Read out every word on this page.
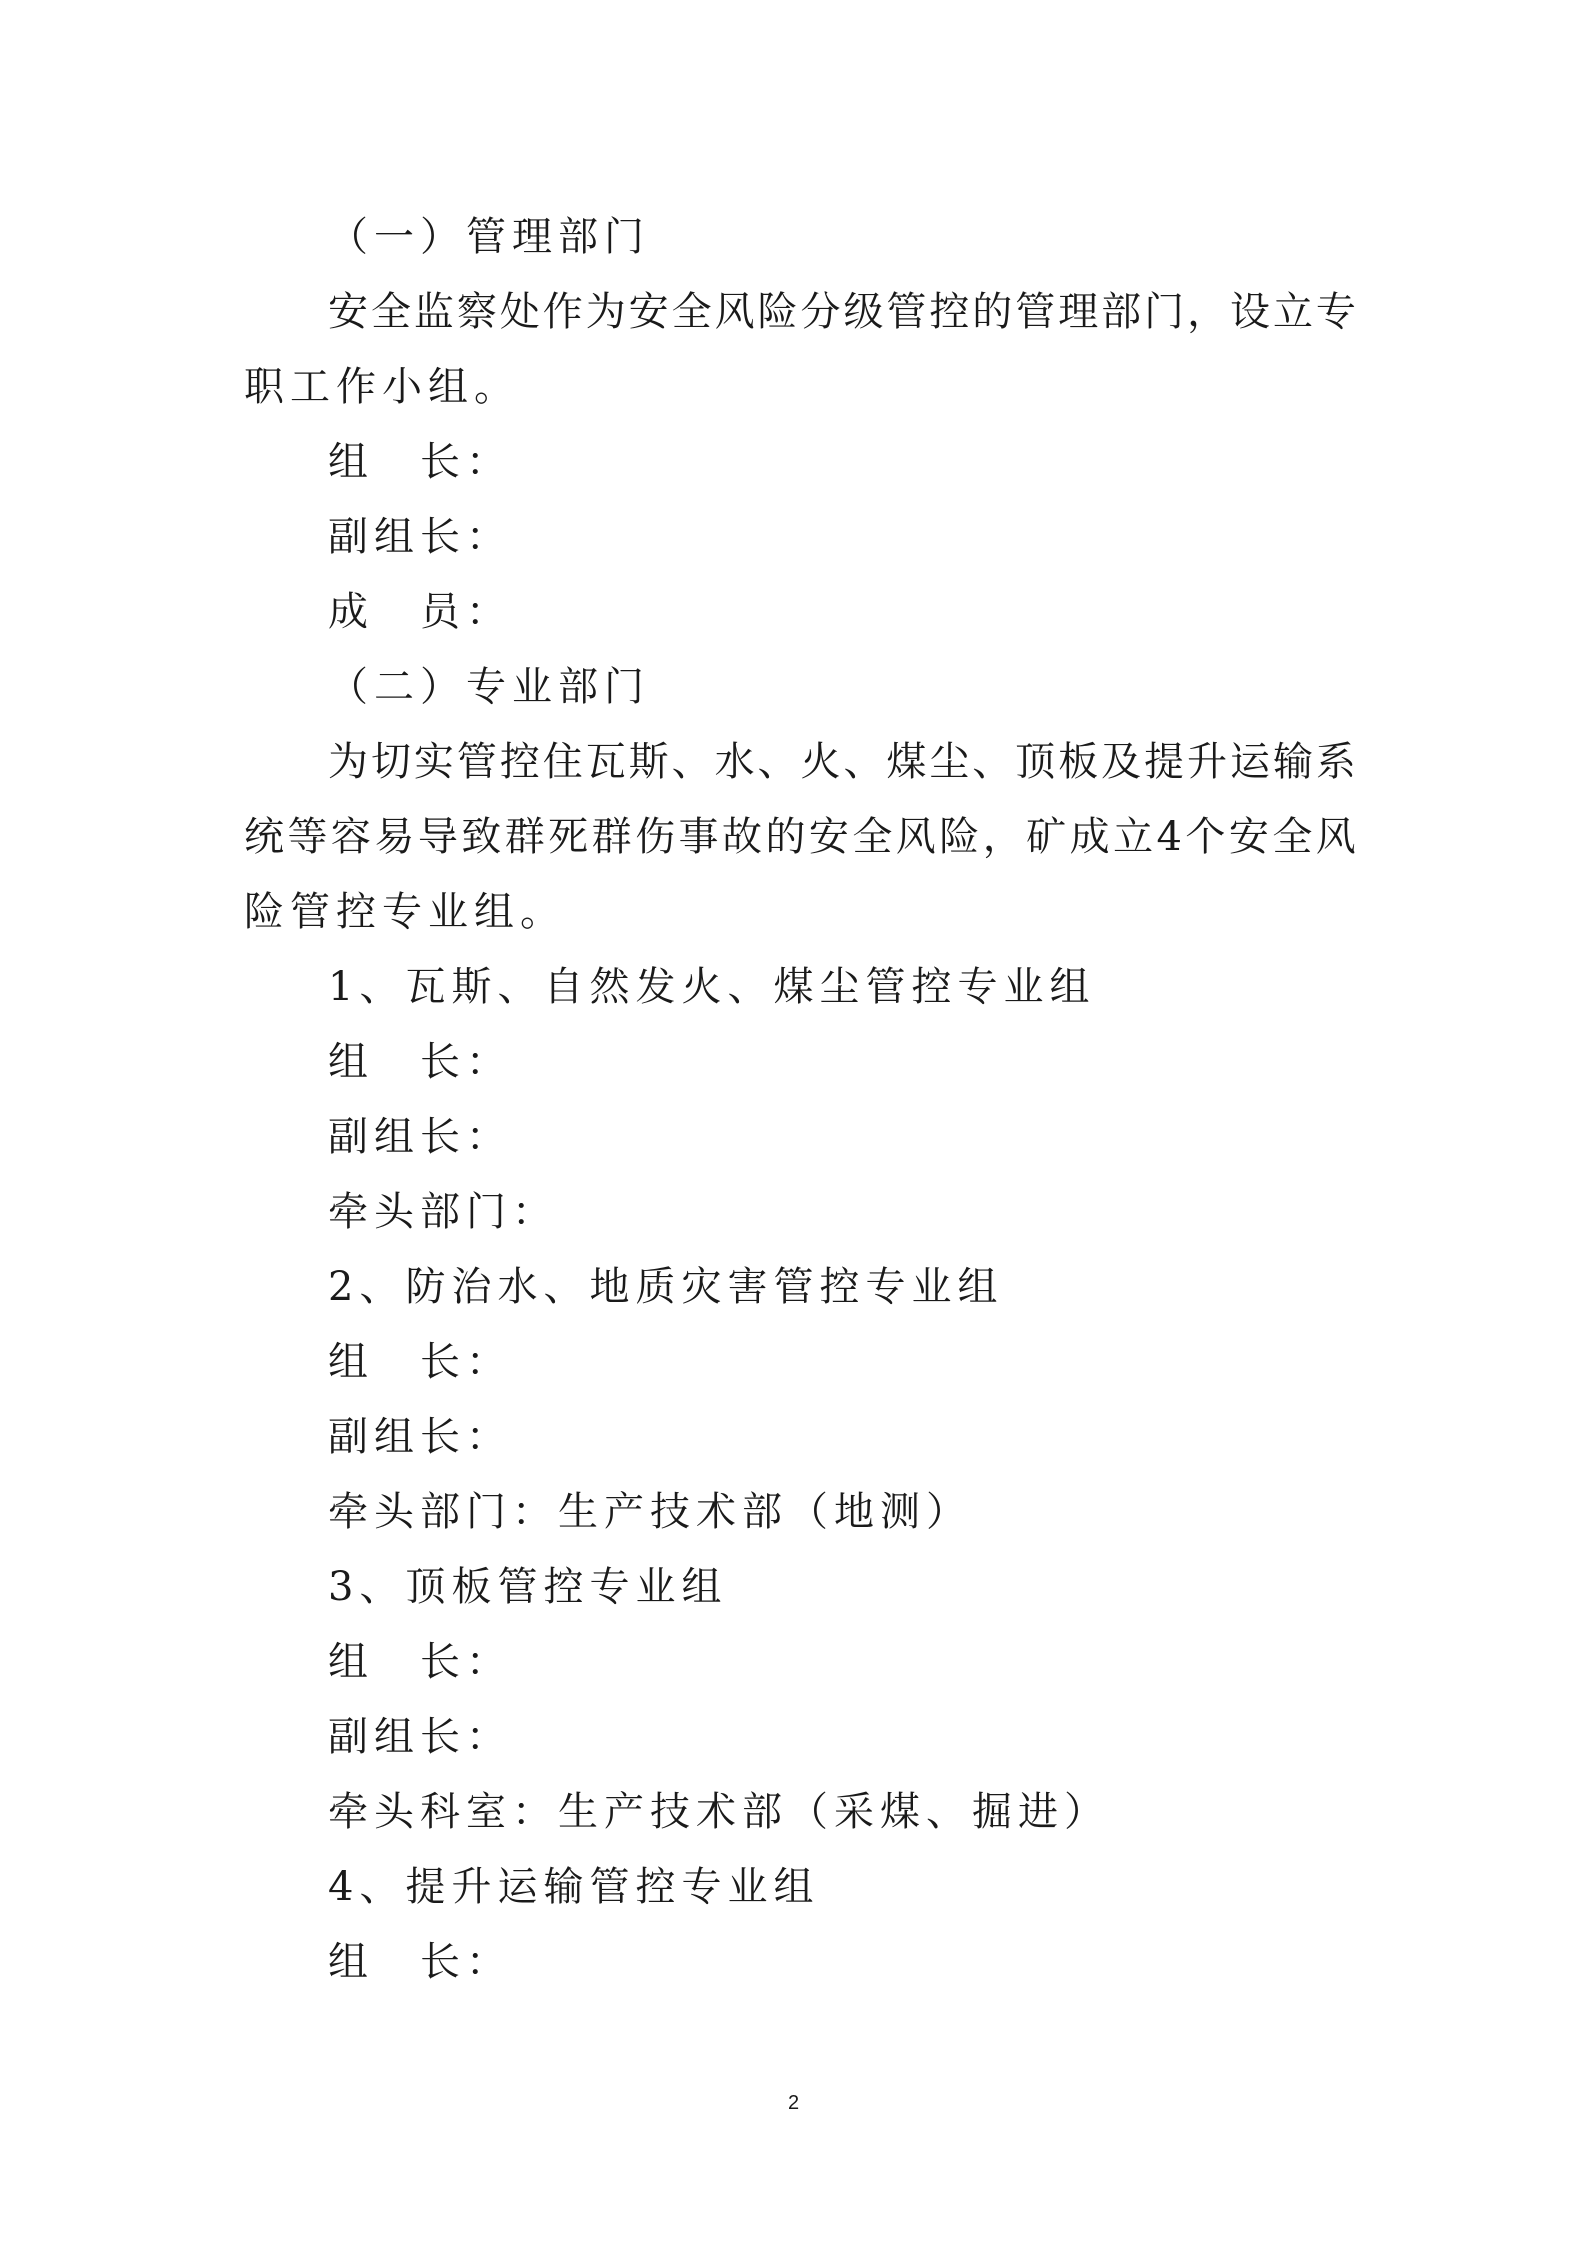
（一）管理部门
安 全 监 察 处 作 为 安 全 风 险 分 级 管 控 的 管 理 部 门 ， 设 立 专
职工作小组。
组　长：
副组长：
成　员：
（二）专业部门
为 切 实 管 控 住 瓦 斯 、 水 、 火 、 煤 尘 、 顶 板 及 提 升 运 输 系
统 等 容 易 导 致 群 死 群 伤 事 故 的 安 全 风 险 ， 矿 成 立 4 个 安 全 风
险管控专业组。
1、瓦斯、自然发火、煤尘管控专业组
组　长：
副组长：
牵头部门：
2、防治水、地质灾害管控专业组
组　长：
副组长：
牵头部门：生产技术部（地测）
3、顶板管控专业组
组　长：
副组长：
牵头科室：生产技术部（采煤、掘进）
4、提升运输管控专业组
组　长：
2
